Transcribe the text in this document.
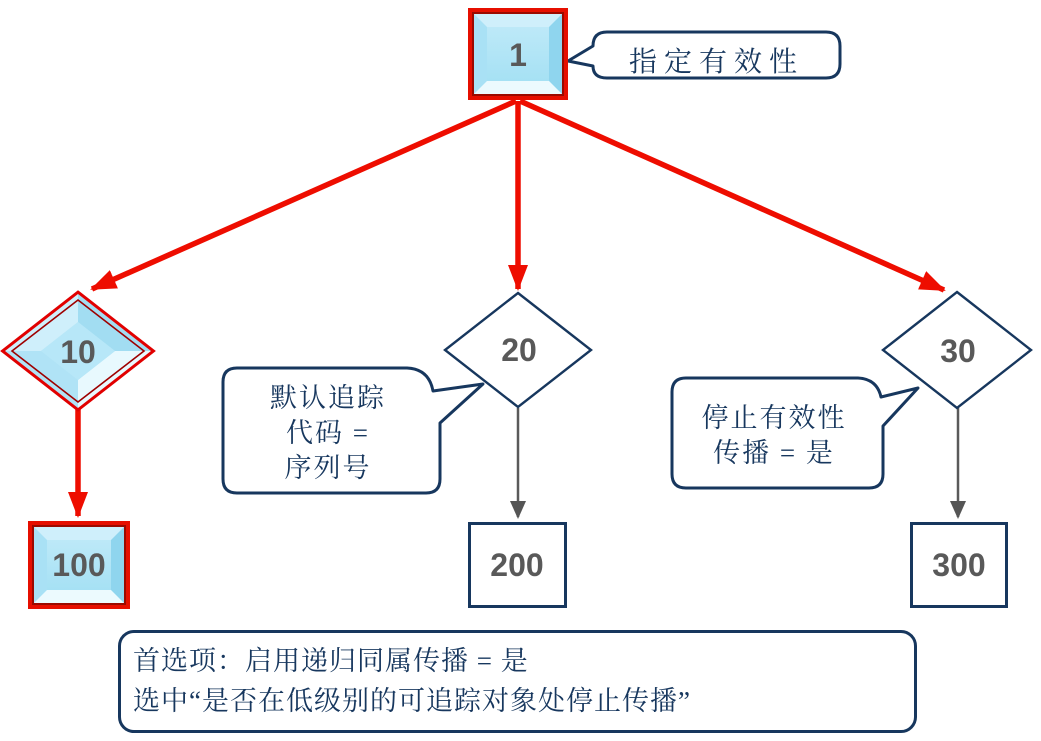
1
10	20	30
100	200	300
指定有效性
默认追踪
代码 =
序列号
停止有效性
传播 = 是
首选项：启用递归同属传播 = 是
选中“是否在低级别的可追踪对象处停止传播”
